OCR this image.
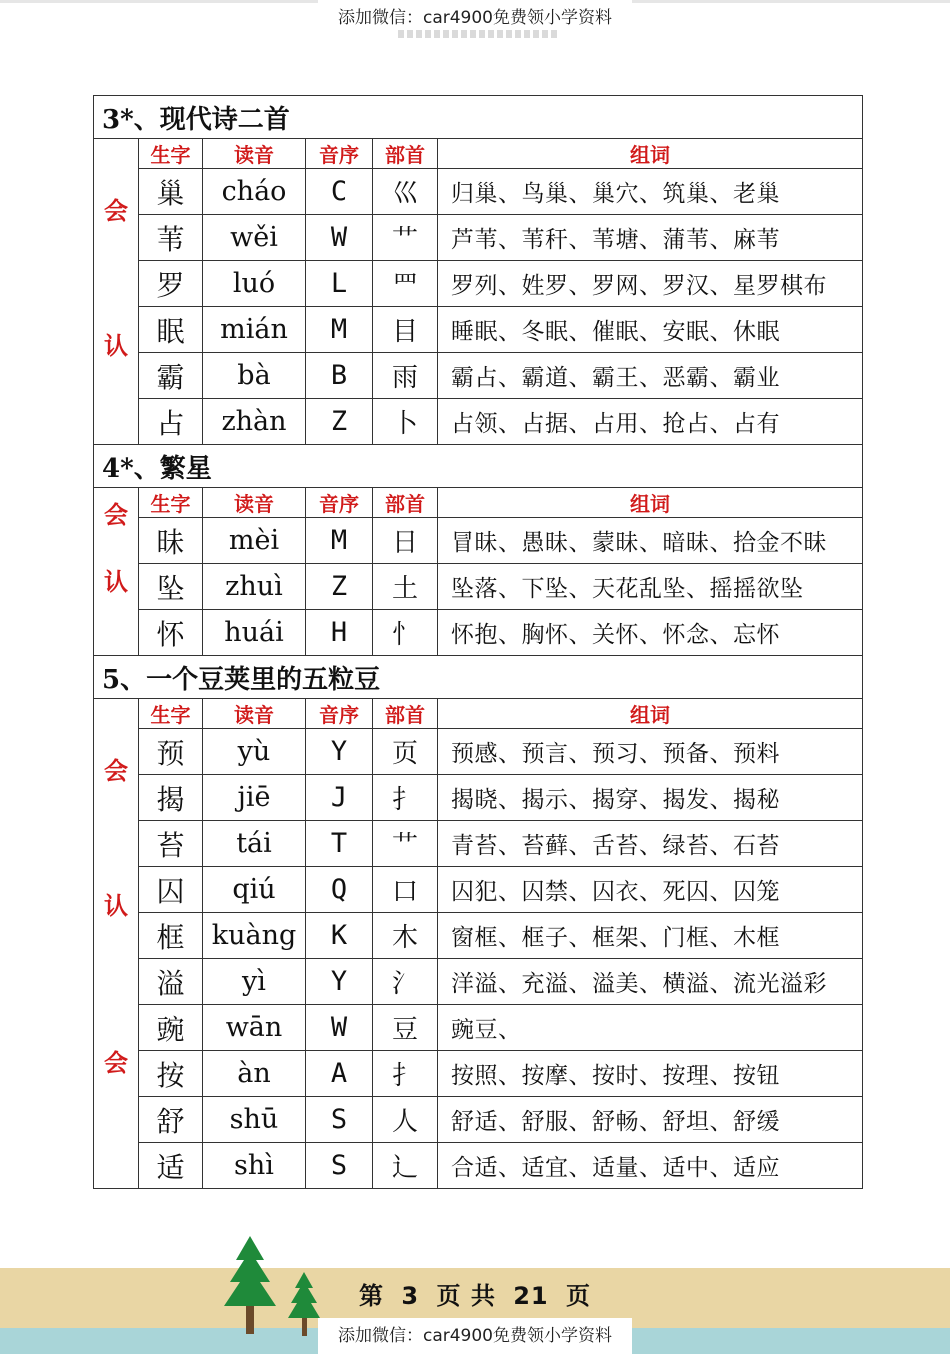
添加微信：car4900免费领小学资料
3*、现代诗二首					

会
认	生字	读音	音序	部首	组词
	巢	cháo	C	巛	归巢、鸟巢、巢穴、筑巢、老巢
	苇	wěi	W	艹	芦苇、苇秆、苇塘、蒲苇、麻苇
	罗	luó	L	罒	罗列、姓罗、罗网、罗汉、星罗棋布
	眠	mián	M	目	睡眠、冬眠、催眠、安眠、休眠
	霸	bà	B	雨	霸占、霸道、霸王、恶霸、霸业
	占	zhàn	Z	卜	占领、占据、占用、抢占、占有
4*、繁星					

会
认	生字	读音	音序	部首	组词
	昧	mèi	M	日	冒昧、愚昧、蒙昧、暗昧、拾金不昧
	坠	zhuì	Z	土	坠落、下坠、天花乱坠、摇摇欲坠
	怀	huái	H	忄	怀抱、胸怀、关怀、怀念、忘怀
5、一个豆荚里的五粒豆					

会
认
会	生字	读音	音序	部首	组词
	预	yù	Y	页	预感、预言、预习、预备、预料
	揭	jiē	J	扌	揭晓、揭示、揭穿、揭发、揭秘
	苔	tái	T	艹	青苔、苔藓、舌苔、绿苔、石苔
	囚	qiú	Q	口	囚犯、囚禁、囚衣、死囚、囚笼
	框	kuàng	K	木	窗框、框子、框架、门框、木框
	溢	yì	Y	氵	洋溢、充溢、溢美、横溢、流光溢彩
	豌	wān	W	豆	豌豆、
	按	àn	A	扌	按照、按摩、按时、按理、按钮
	舒	shū	S	人	舒适、舒服、舒畅、舒坦、舒缓
	适	shì	S	辶	合适、适宜、适量、适中、适应
第 3 页 共 21 页
添加微信：car4900免费领小学资料
